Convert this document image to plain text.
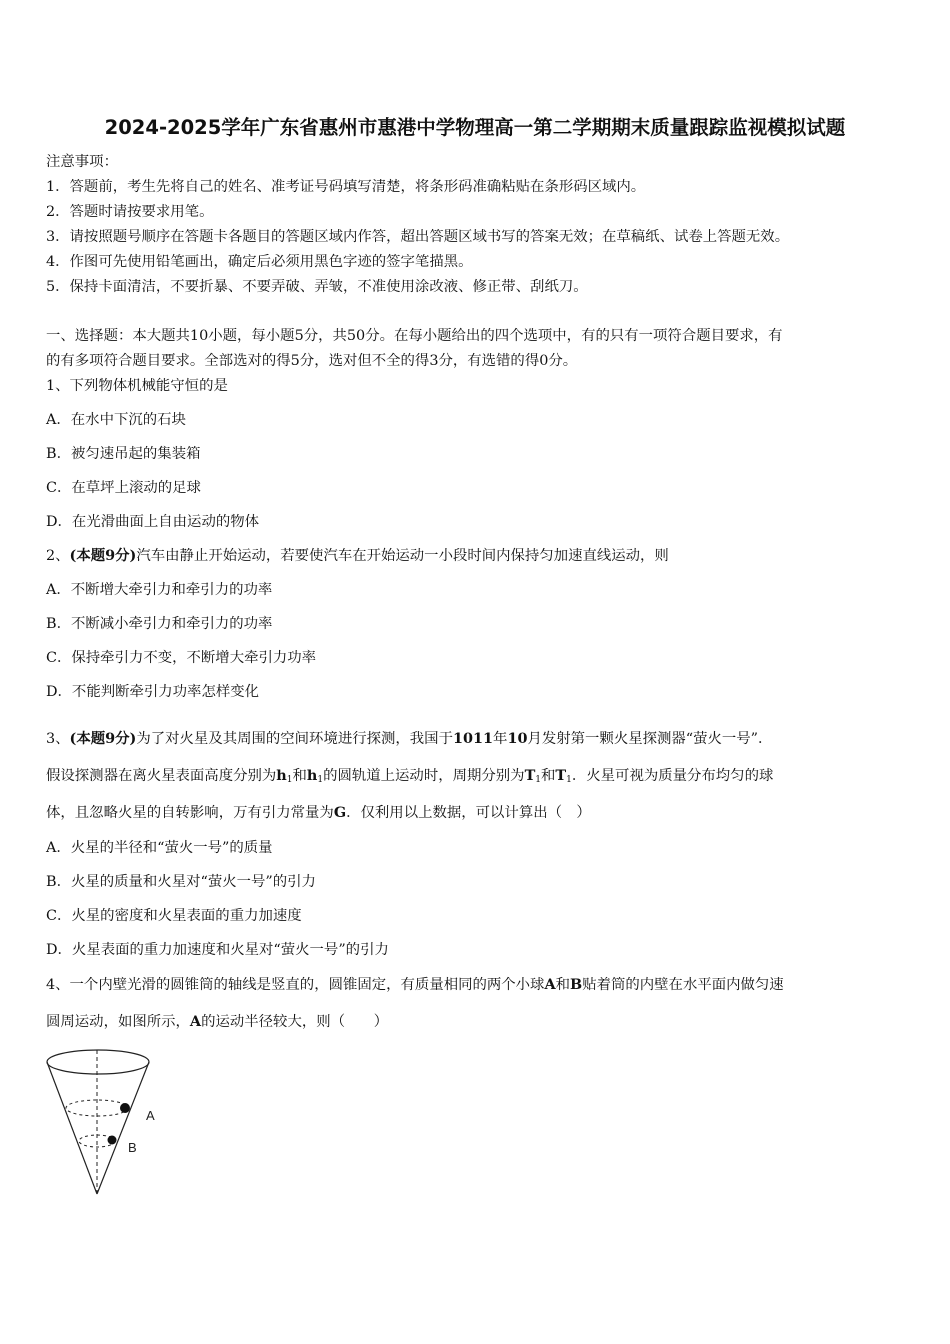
2024-2025学年广东省惠州市惠港中学物理高一第二学期期末质量跟踪监视模拟试题
注意事项：
1．答题前，考生先将自己的姓名、准考证号码填写清楚，将条形码准确粘贴在条形码区域内。
2．答题时请按要求用笔。
3．请按照题号顺序在答题卡各题目的答题区域内作答，超出答题区域书写的答案无效；在草稿纸、试卷上答题无效。
4．作图可先使用铅笔画出，确定后必须用黑色字迹的签字笔描黑。
5．保持卡面清洁，不要折暴、不要弄破、弄皱，不准使用涂改液、修正带、刮纸刀。
一、选择题：本大题共10小题，每小题5分，共50分。在每小题给出的四个选项中，有的只有一项符合题目要求，有
的有多项符合题目要求。全部选对的得5分，选对但不全的得3分，有选错的得0分。
1、下列物体机械能守恒的是
A．在水中下沉的石块
B．被匀速吊起的集装箱
C．在草坪上滚动的足球
D．在光滑曲面上自由运动的物体
2、(本题9分)汽车由静止开始运动，若要使汽车在开始运动一小段时间内保持匀加速直线运动，则
A．不断增大牵引力和牵引力的功率
B．不断减小牵引力和牵引力的功率
C．保持牵引力不变，不断增大牵引力功率
D．不能判断牵引力功率怎样变化
3、(本题9分)为了对火星及其周围的空间环境进行探测，我国于1011年10月发射第一颗火星探测器“萤火一号”．
假设探测器在离火星表面高度分别为$h_1$和$h_1$的圆轨道上运动时，周期分别为$T_1$和$T_1$．火星可视为质量分布均匀的球
体，且忽略火星的自转影响，万有引力常量为G．仅利用以上数据，可以计算出（　）
A．火星的半径和“萤火一号”的质量
B．火星的质量和火星对“萤火一号”的引力
C．火星的密度和火星表面的重力加速度
D．火星表面的重力加速度和火星对“萤火一号”的引力
4、一个内壁光滑的圆锥筒的轴线是竖直的，圆锥固定，有质量相同的两个小球A和B贴着筒的内壁在水平面内做匀速
圆周运动，如图所示，A的运动半径较大，则（　　）
A
B
